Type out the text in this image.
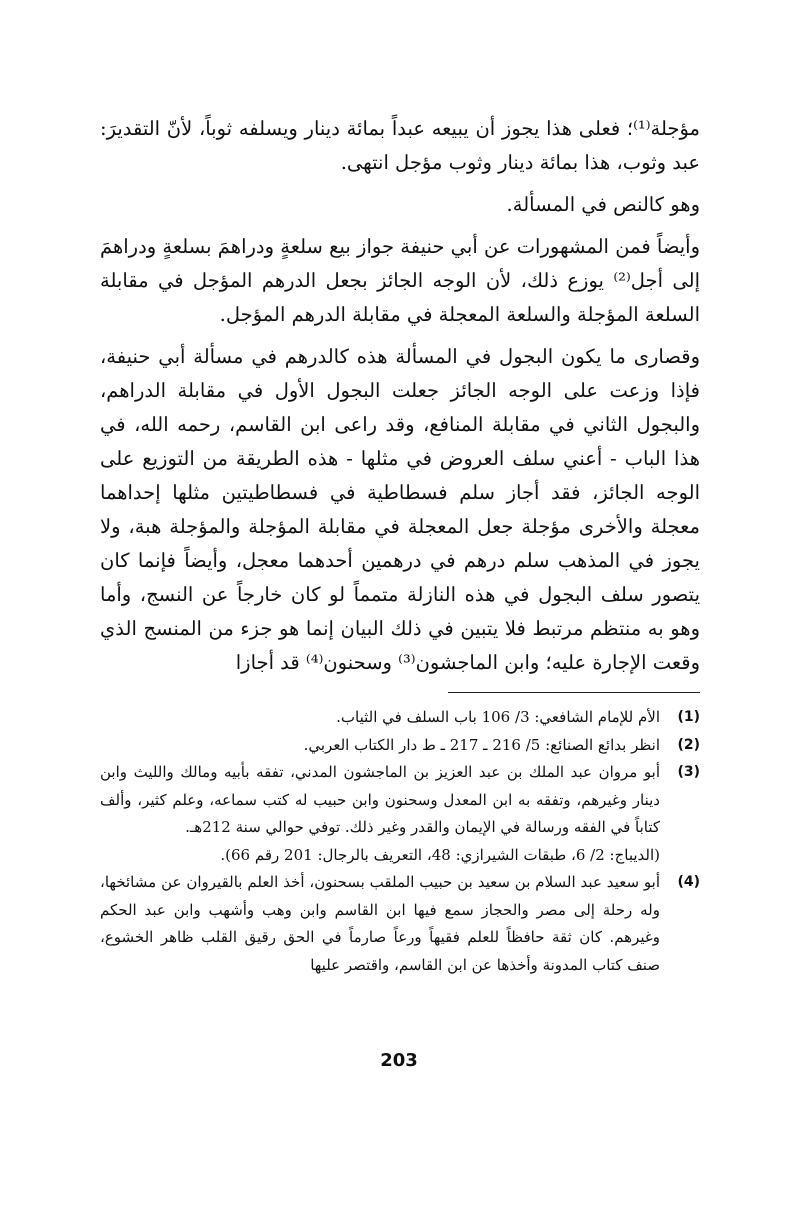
مؤجلة⁽¹⁾؛ فعلى هذا يجوز أن يبيعه عبداً بمائة دينار ويسلفه ثوباً، لأنّ التقديرَ: عبد وثوب، هذا بمائة دينار وثوب مؤجل انتهى.

وهو كالنص في المسألة.

وأيضاً فمن المشهورات عن أبي حنيفة جواز بيع سلعةٍ ودراهمَ بسلعةٍ ودراهمَ إلى أجل⁽²⁾ يوزع ذلك، لأن الوجه الجائز بجعل الدرهم المؤجل في مقابلة السلعة المؤجلة والسلعة المعجلة في مقابلة الدرهم المؤجل.

وقصارى ما يكون البجول في المسألة هذه كالدرهم في مسألة أبي حنيفة، فإذا وزعت على الوجه الجائز جعلت البجول الأول في مقابلة الدراهم، والبجول الثاني في مقابلة المنافع، وقد راعى ابن القاسم، رحمه الله، في هذا الباب - أعني سلف العروض في مثلها - هذه الطريقة من التوزيع على الوجه الجائز، فقد أجاز سلم فسطاطية في فسطاطيتين مثلها إحداهما معجلة والأخرى مؤجلة جعل المعجلة في مقابلة المؤجلة والمؤجلة هبة، ولا يجوز في المذهب سلم درهم في درهمين أحدهما معجل، وأيضاً فإنما كان يتصور سلف البجول في هذه النازلة متمماً لو كان خارجاً عن النسج، وأما وهو به منتظم مرتبط فلا يتبين في ذلك البيان إنما هو جزء من المنسج الذي وقعت الإجارة عليه؛ وابن الماجشون⁽³⁾ وسحنون⁽⁴⁾ قد أجازا

(1)
الأم للإمام الشافعي: 3/ 106 باب السلف في الثياب.
(2)
انظر بدائع الصنائع: 5/ 216 ـ 217 ـ ط دار الكتاب العربي.
(3)
أبو مروان عبد الملك بن عبد العزيز بن الماجشون المدني، تفقه بأبيه ومالك والليث وابن دينار وغيرهم، وتفقه به ابن المعدل وسحنون وابن حبيب له كتب سماعه، وعلم كثير، وألف كتاباً في الفقه ورسالة في الإيمان والقدر وغير ذلك. توفي حوالي سنة 212هـ.
(الديباج: 2/ 6، طبقات الشيرازي: 48، التعريف بالرجال: 201 رقم 66).
(4)
أبو سعيد عبد السلام بن سعيد بن حبيب الملقب بسحنون، أخذ العلم بالقيروان عن مشائخها، وله رحلة إلى مصر والحجاز سمع فيها ابن القاسم وابن وهب وأشهب وابن عبد الحكم وغيرهم. كان ثقة حافظاً للعلم فقيهاً ورعاً صارماً في الحق رقيق القلب ظاهر الخشوع، صنف كتاب المدونة وأخذها عن ابن القاسم، واقتصر عليها
203
